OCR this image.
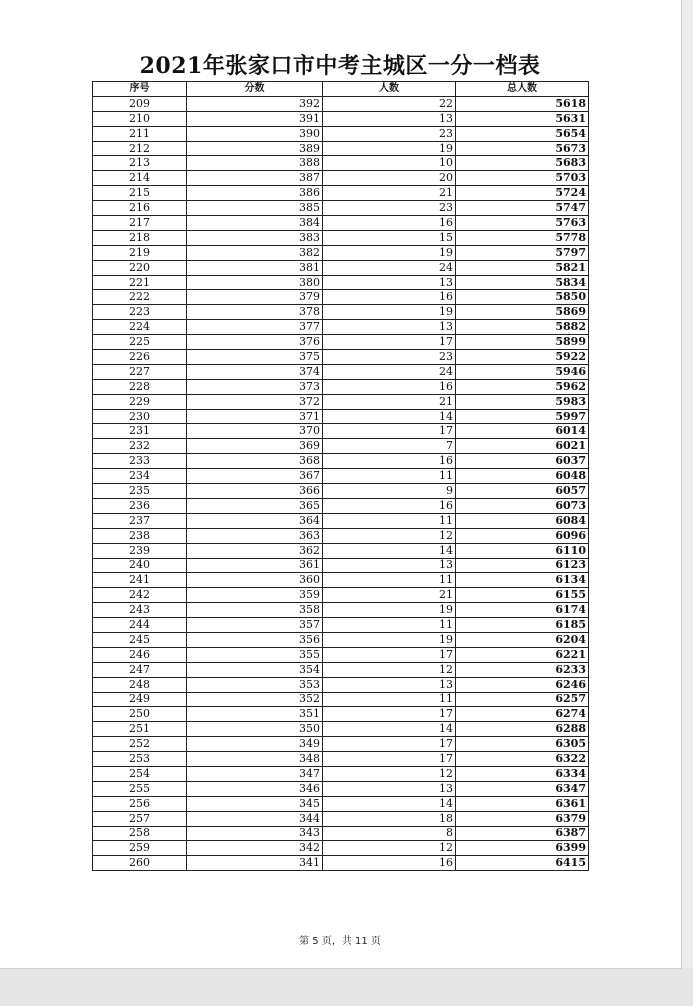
2021年张家口市中考主城区一分一档表
序号	分数	人数	总人数
209	392	22	5618
210	391	13	5631
211	390	23	5654
212	389	19	5673
213	388	10	5683
214	387	20	5703
215	386	21	5724
216	385	23	5747
217	384	16	5763
218	383	15	5778
219	382	19	5797
220	381	24	5821
221	380	13	5834
222	379	16	5850
223	378	19	5869
224	377	13	5882
225	376	17	5899
226	375	23	5922
227	374	24	5946
228	373	16	5962
229	372	21	5983
230	371	14	5997
231	370	17	6014
232	369	7	6021
233	368	16	6037
234	367	11	6048
235	366	9	6057
236	365	16	6073
237	364	11	6084
238	363	12	6096
239	362	14	6110
240	361	13	6123
241	360	11	6134
242	359	21	6155
243	358	19	6174
244	357	11	6185
245	356	19	6204
246	355	17	6221
247	354	12	6233
248	353	13	6246
249	352	11	6257
250	351	17	6274
251	350	14	6288
252	349	17	6305
253	348	17	6322
254	347	12	6334
255	346	13	6347
256	345	14	6361
257	344	18	6379
258	343	8	6387
259	342	12	6399
260	341	16	6415
第 5 页，共 11 页
